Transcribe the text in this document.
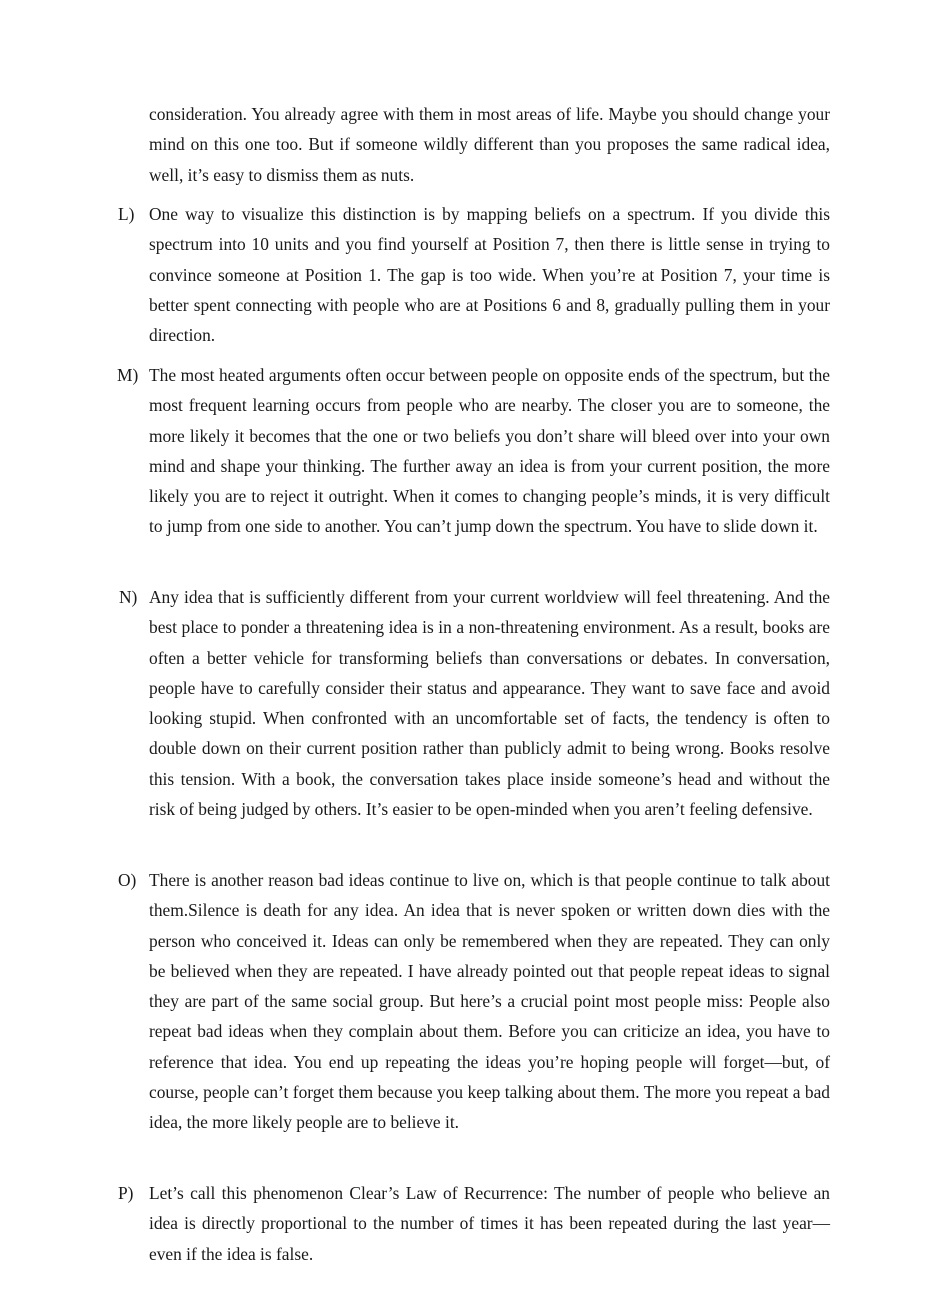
consideration. You already agree with them in most areas of life. Maybe you should change your mind on this one too. But if someone wildly different than you proposes the same radical idea, well, it’s easy to dismiss them as nuts.

L) One way to visualize this distinction is by mapping beliefs on a spectrum. If you divide this spectrum into 10 units and you find yourself at Position 7, then there is little sense in trying to convince someone at Position 1. The gap is too wide. When you’re at Position 7, your time is better spent connecting with people who are at Positions 6 and 8, gradually pulling them in your direction.

M) The most heated arguments often occur between people on opposite ends of the spectrum, but the most frequent learning occurs from people who are nearby. The closer you are to someone, the more likely it becomes that the one or two beliefs you don’t share will bleed over into your own mind and shape your thinking. The further away an idea is from your current position, the more likely you are to reject it outright. When it comes to changing people’s minds, it is very difficult to jump from one side to another. You can’t jump down the spectrum. You have to slide down it.

N) Any idea that is sufficiently different from your current worldview will feel threatening. And the best place to ponder a threatening idea is in a non-threatening environment. As a result, books are often a better vehicle for transforming beliefs than conversations or debates. In conversation, people have to carefully consider their status and appearance. They want to save face and avoid looking stupid. When confronted with an uncomfortable set of facts, the tendency is often to double down on their current position rather than publicly admit to being wrong. Books resolve this tension. With a book, the conversation takes place inside someone’s head and without the risk of being judged by others. It’s easier to be open-minded when you aren’t feeling defensive.

O) There is another reason bad ideas continue to live on, which is that people continue to talk about them.Silence is death for any idea. An idea that is never spoken or written down dies with the person who conceived it. Ideas can only be remembered when they are repeated. They can only be believed when they are repeated. I have already pointed out that people repeat ideas to signal they are part of the same social group. But here’s a crucial point most people miss: People also repeat bad ideas when they complain about them. Before you can criticize an idea, you have to reference that idea. You end up repeating the ideas you’re hoping people will forget—but, of course, people can’t forget them because you keep talking about them. The more you repeat a bad idea, the more likely people are to believe it.

P) Let’s call this phenomenon Clear’s Law of Recurrence: The number of people who believe an idea is directly proportional to the number of times it has been repeated during the last year—even if the idea is false.
